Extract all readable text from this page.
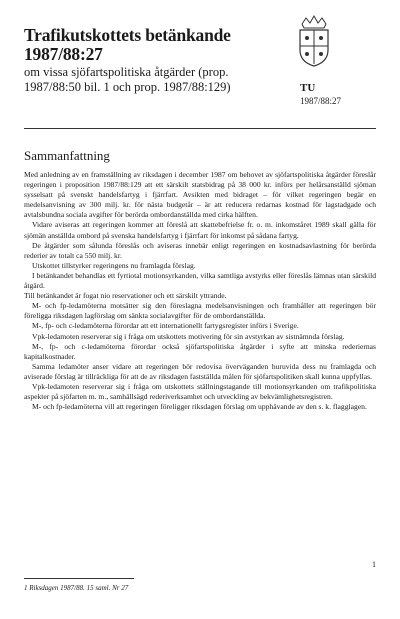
Trafikutskottets betänkande
1987/88:27
om vissa sjöfartspolitiska åtgärder (prop.
1987/88:50 bil. 1 och prop. 1987/88:129)	TU
1987/88:27
Sammanfattning

Med anledning av en framställning av riksdagen i december 1987 om behovet av sjöfartspolitiska åtgärder föreslår regeringen i proposition 1987/88:129 att ett särskilt statsbidrag på 38 000 kr. införs per helårsanställd sjöman sysselsatt på svenskt handelsfartyg i fjärrfart. Avsikten med bidraget – för vilket regeringen begär en medelsanvisning av 300 milj. kr. för nästa budgetår – är att reducera redarnas kostnad för lagstadgade och avtalsbundna sociala avgifter för berörda ombordanställda med cirka hälften.

Vidare aviseras att regeringen kommer att föreslå att skattebefrielse fr. o. m. inkomståret 1989 skall gälla för sjömän anställda ombord på svenska handelsfartyg i fjärrfart för inkomst på sådana fartyg.

De åtgärder som sålunda föreslås och aviseras innebär enligt regeringen en kostnadsavlastning för berörda rederier av totalt ca 550 milj. kr.

Utskottet tillstyrker regeringens nu framlagda förslag.

I betänkandet behandlas ett fyrtiotal motionsyrkanden, vilka samtliga avstyrks eller föreslås lämnas utan särskild åtgärd.

Till betänkandet är fogat nio reservationer och ett särskilt yttrande.

M- och fp-ledamöterna motsätter sig den föreslagna medelsanvisningen och framhåller att regeringen bör föreligga riksdagen lagförslag om sänkta socialavgifter för de ombordanställda.

M-, fp- och c-ledamöterna förordar att ett internationellt fartygsregister införs i Sverige.

Vpk-ledamoten reserverar sig i fråga om utskottets motivering för sin avstyrkan av sistnämnda förslag.

M-, fp- och c-ledamöterna förordar också sjöfartspolitiska åtgärder i syfte att minska rederiernas kapitalkostnader.

Samma ledamöter anser vidare att regeringen bör redovisa överväganden huruvida dess nu framlagda och aviserade förslag är tillräckliga för att de av riksdagen fastställda målen för sjöfartspolitiken skall kunna uppfyllas.

Vpk-ledamoten reserverar sig i fråga om utskottets ställningstagande till motionsyrkanden om trafikpolitiska aspekter på sjöfarten m. m., samhällsägd rederiverksamhet och utveckling av bekvämlighetsregistren.

M- och fp-ledamöterna vill att regeringen föreligger riksdagen förslag om upphävande av den s. k. flagglagen.

1
1 Riksdagen 1987/88. 15 saml. Nr 27
